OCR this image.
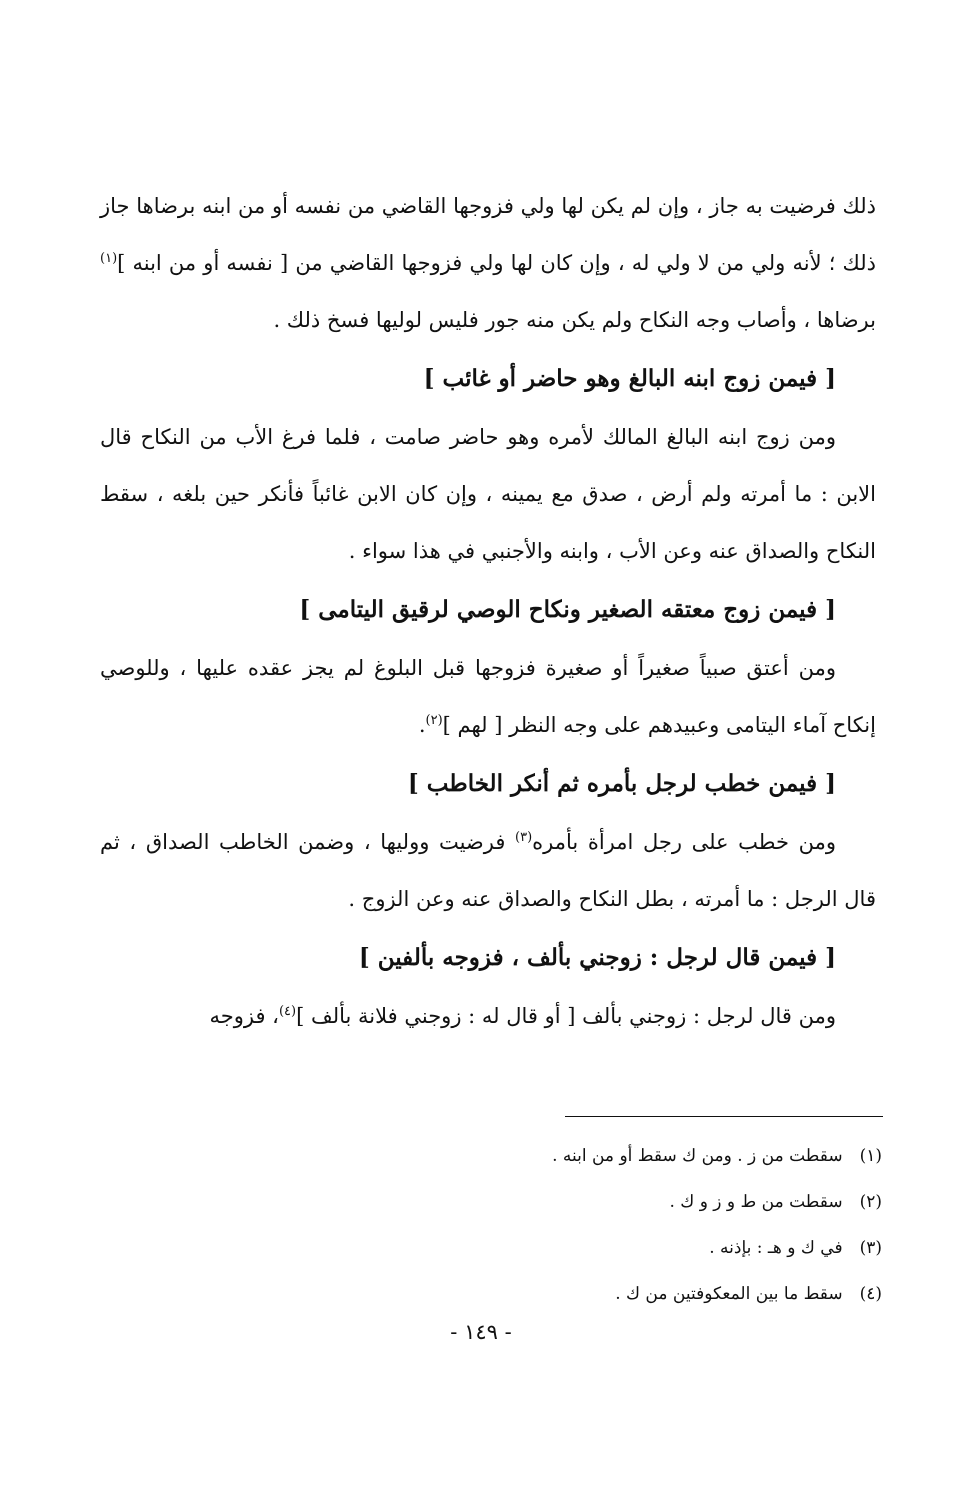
ذلك فرضيت به جاز ، وإن لم يكن لها ولي فزوجها القاضي من نفسه أو من ابنه برضاها جاز ذلك ؛ لأنه ولي من لا ولي له ، وإن كان لها ولي فزوجها القاضي من [ نفسه أو من ابنه ]$^{(١)}$ برضاها ، وأصاب وجه النكاح ولم يكن منه جور فليس لوليها فسخ ذلك .

[ فيمن زوج ابنه البالغ وهو حاضر أو غائب ]

ومن زوج ابنه البالغ المالك لأمره وهو حاضر صامت ، فلما فرغ الأب من النكاح قال الابن : ما أمرته ولم أرض ، صدق مع يمينه ، وإن كان الابن غائباً فأنكر حين بلغه ، سقط النكاح والصداق عنه وعن الأب ، وابنه والأجنبي في هذا سواء .

[ فيمن زوج معتقه الصغير ونكاح الوصي لرقيق اليتامى ]

ومن أعتق صبياً صغيراً أو صغيرة فزوجها قبل البلوغ لم يجز عقده عليها ، وللوصي إنكاح آماء اليتامى وعبيدهم على وجه النظر [ لهم ]$^{(٢)}$.

[ فيمن خطب لرجل بأمره ثم أنكر الخاطب ]

ومن خطب على رجل امرأة بأمره$^{(٣)}$ فرضيت ووليها ، وضمن الخاطب الصداق ، ثم قال الرجل : ما أمرته ، بطل النكاح والصداق عنه وعن الزوج .

[ فيمن قال لرجل : زوجني بألف ، فزوجه بألفين ]

ومن قال لرجل : زوجني بألف [ أو قال له : زوجني فلانة بألف ]$^{(٤)}$، فزوجه

(١) سقطت من ز . ومن ك سقط أو من ابنه .
(٢) سقطت من ط و ز و ك .
(٣) في ك و هـ : بإذنه .
(٤) سقط ما بين المعكوفتين من ك .
- ١٤٩ -
